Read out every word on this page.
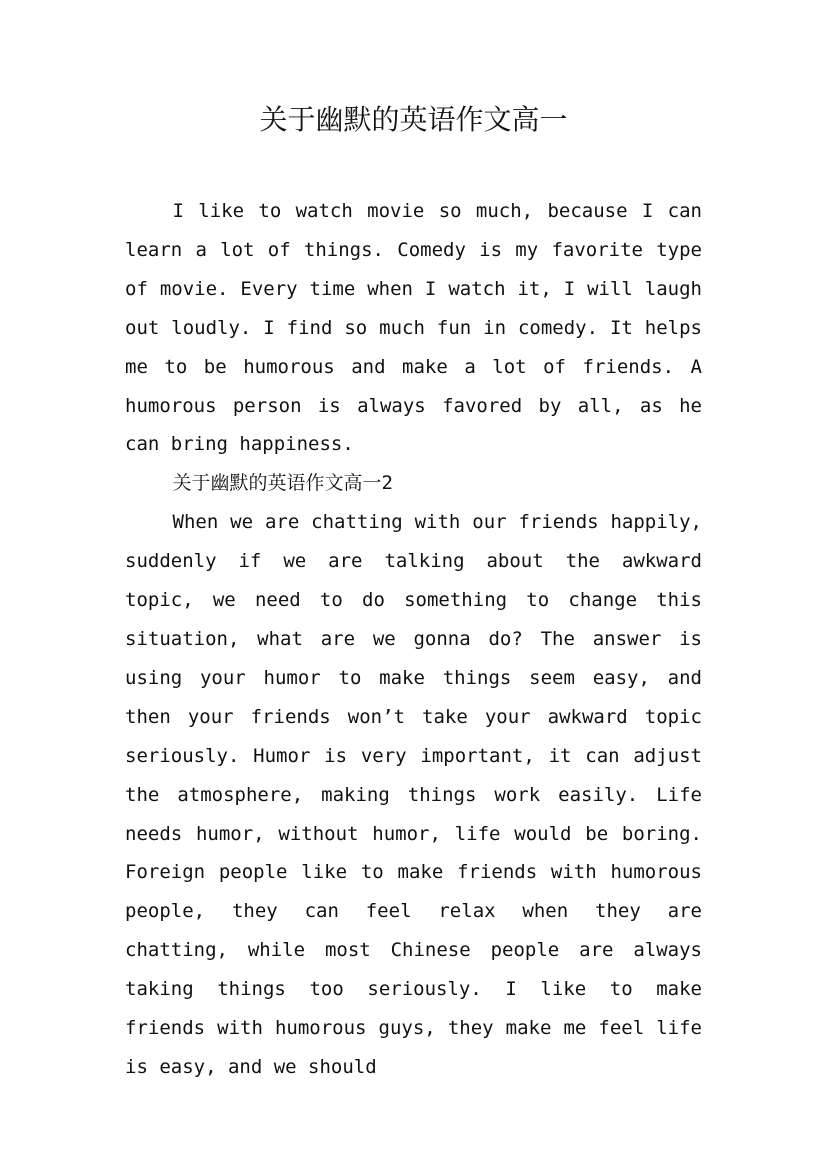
关于幽默的英语作文高一

I like to watch movie so much, because I can learn a lot of things. Comedy is my favorite type of movie. Every time when I watch it, I will laugh out loudly. I find so much fun in comedy. It helps me to be humorous and make a lot of friends. A humorous person is always favored by all, as he can bring happiness.

关于幽默的英语作文高一2

When we are chatting with our friends happily, suddenly if we are talking about the awkward topic, we need to do something to change this situation, what are we gonna do? The answer is using your humor to make things seem easy, and then your friends won’t take your awkward topic seriously. Humor is very important, it can adjust the atmosphere, making things work easily. Life needs humor, without humor, life would be boring. Foreign people like to make friends with humorous people, they can feel relax when they are chatting, while most Chinese people are always taking things too seriously. I like to make friends with humorous guys, they make me feel life is easy, and we should
